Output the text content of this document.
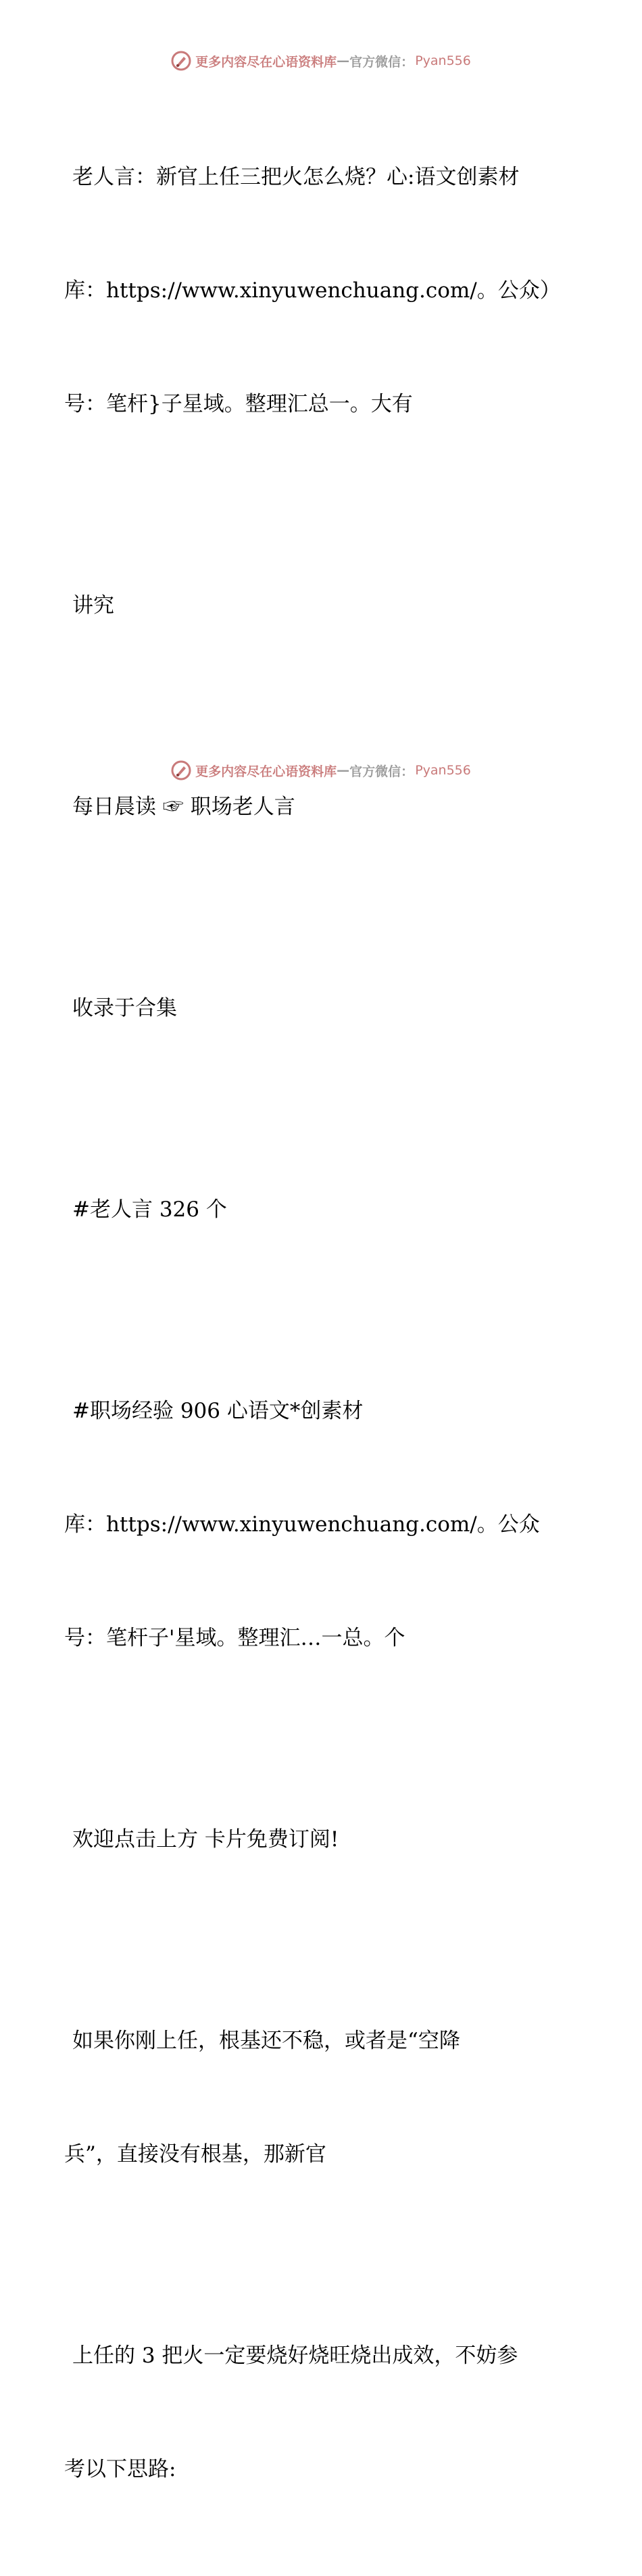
更多内容尽在心语资料库 — 官方微信： Pyan556

老人言：新官上任三把火怎么烧？心:语文创素材

库：https://www.xinyuwenchuang.com/。公众）

号：笔杆}子星域。整理汇总一。大有

讲究

每日晨读 ☞ 职场老人言

收录于合集

#老人言 326 个

#职场经验 906 心语文*创素材

库：https://www.xinyuwenchuang.com/。公众

号：笔杆子'星域。整理汇…一总。个

欢迎点击上方 卡片免费订阅!

如果你刚上任，根基还不稳，或者是“空降

兵”，直接没有根基，那新官

上任的 3 把火一定要烧好烧旺烧出成效，不妨参

考以下思路:

更多内容尽在心语资料库 — 官方微信： Pyan556
